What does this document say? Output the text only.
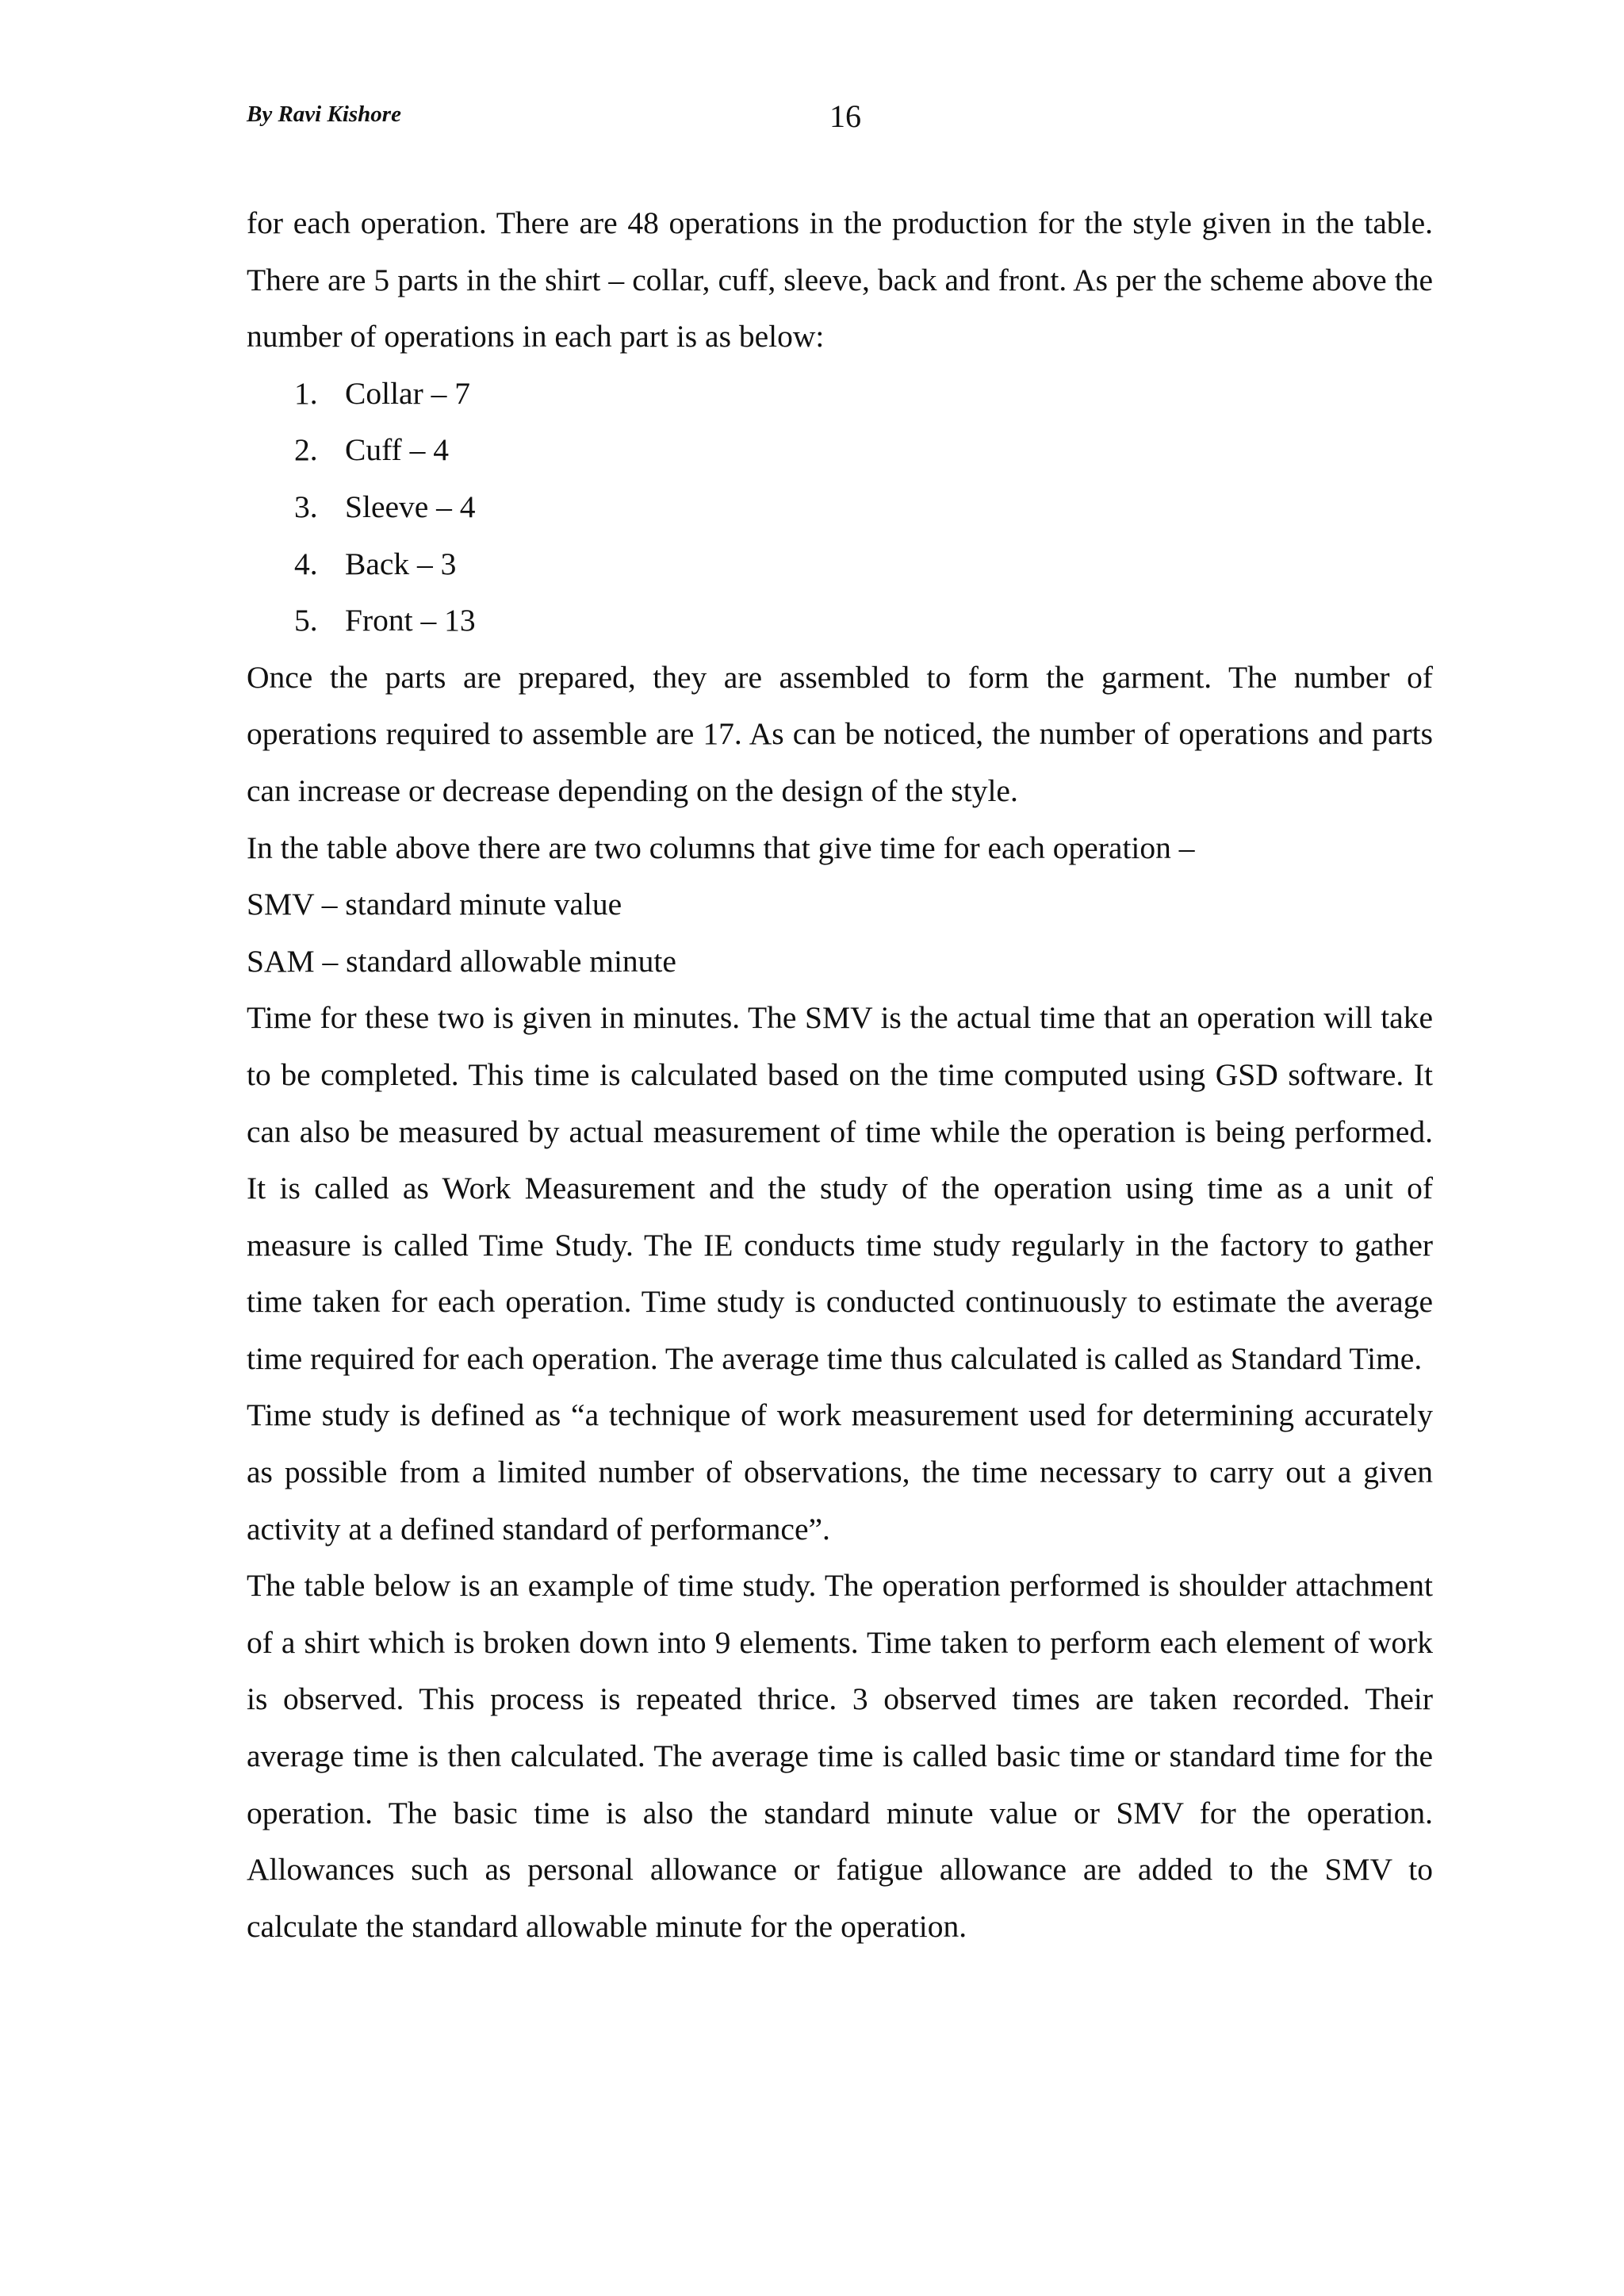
By Ravi Kishore	16

for each operation. There are 48 operations in the production for the style given in the table. There are 5 parts in the shirt – collar, cuff, sleeve, back and front. As per the scheme above the number of operations in each part is as below:

1. Collar – 7
2. Cuff – 4
3. Sleeve – 4
4. Back – 3
5. Front – 13

Once the parts are prepared, they are assembled to form the garment. The number of operations required to assemble are 17. As can be noticed, the number of operations and parts can increase or decrease depending on the design of the style.

In the table above there are two columns that give time for each operation –

SMV – standard minute value

SAM – standard allowable minute

Time for these two is given in minutes. The SMV is the actual time that an operation will take to be completed. This time is calculated based on the time computed using GSD software. It can also be measured by actual measurement of time while the operation is being performed. It is called as Work Measurement and the study of the operation using time as a unit of measure is called Time Study. The IE conducts time study regularly in the factory to gather time taken for each operation. Time study is conducted continuously to estimate the average time required for each operation. The average time thus calculated is called as Standard Time.

Time study is defined as “a technique of work measurement used for determining accurately as possible from a limited number of observations, the time necessary to carry out a given activity at a defined standard of performance”.

The table below is an example of time study. The operation performed is shoulder attachment of a shirt which is broken down into 9 elements. Time taken to perform each element of work is observed. This process is repeated thrice. 3 observed times are taken recorded. Their average time is then calculated. The average time is called basic time or standard time for the operation. The basic time is also the standard minute value or SMV for the operation. Allowances such as personal allowance or fatigue allowance are added to the SMV to calculate the standard allowable minute for the operation.
